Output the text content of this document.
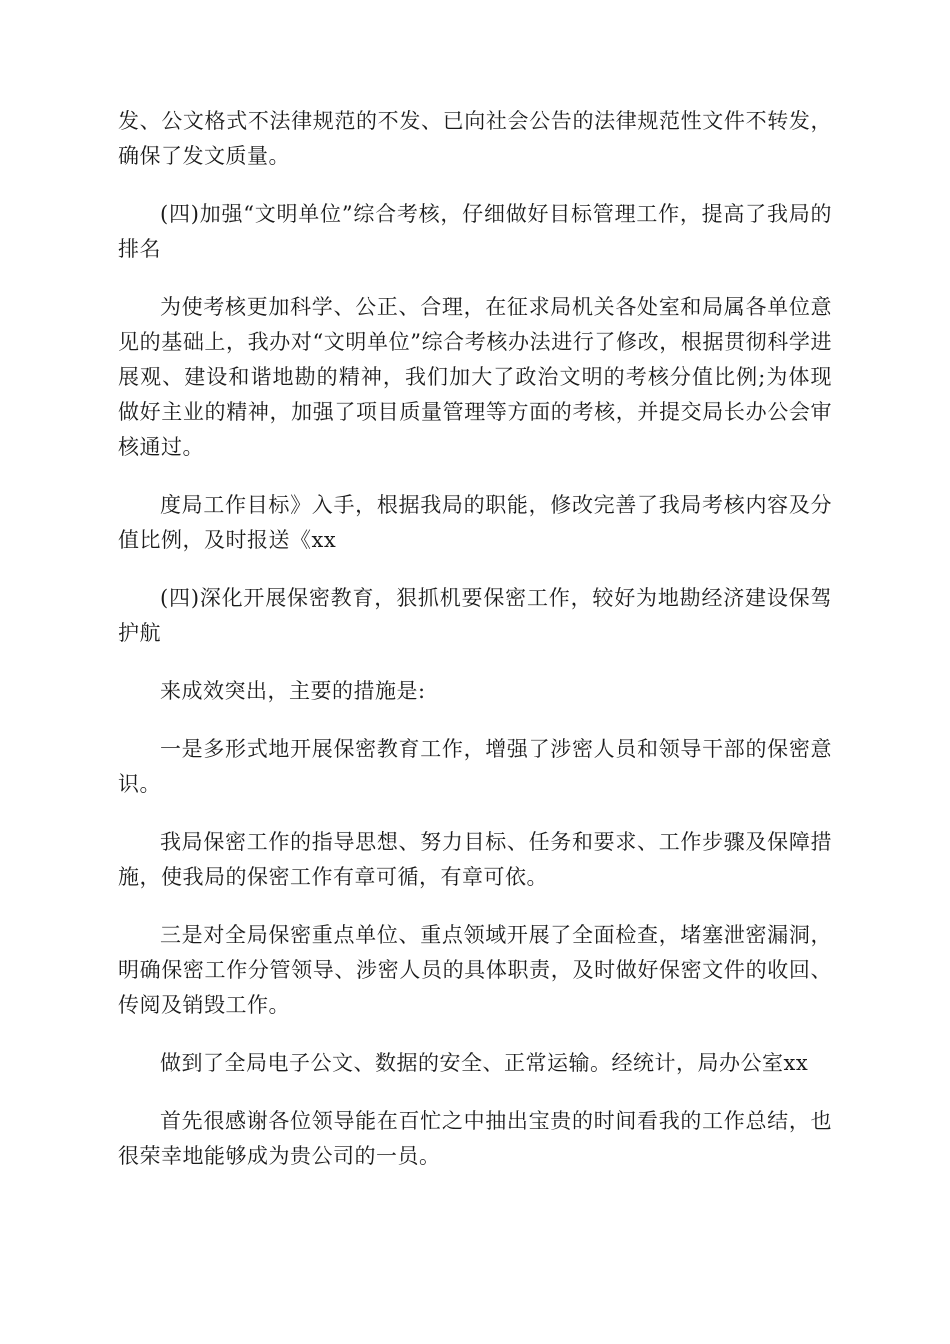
发、公文格式不法律规范的不发、已向社会公告的法律规范性文件不转发，确保了发文质量。

(四)加强“文明单位”综合考核，仔细做好目标管理工作，提高了我局的排名

为使考核更加科学、公正、合理，在征求局机关各处室和局属各单位意见的基础上，我办对“文明单位”综合考核办法进行了修改，根据贯彻科学进展观、建设和谐地勘的精神，我们加大了政治文明的考核分值比例;为体现做好主业的精神，加强了项目质量管理等方面的考核，并提交局长办公会审核通过。

度局工作目标》入手，根据我局的职能，修改完善了我局考核内容及分值比例，及时报送《xx

(四)深化开展保密教育，狠抓机要保密工作，较好为地勘经济建设保驾护航

来成效突出，主要的措施是:

一是多形式地开展保密教育工作，增强了涉密人员和领导干部的保密意识。

我局保密工作的指导思想、努力目标、任务和要求、工作步骤及保障措施，使我局的保密工作有章可循，有章可依。

三是对全局保密重点单位、重点领域开展了全面检查，堵塞泄密漏洞，明确保密工作分管领导、涉密人员的具体职责，及时做好保密文件的收回、传阅及销毁工作。

做到了全局电子公文、数据的安全、正常运输。经统计，局办公室xx

首先很感谢各位领导能在百忙之中抽出宝贵的时间看我的工作总结，也很荣幸地能够成为贵公司的一员。
